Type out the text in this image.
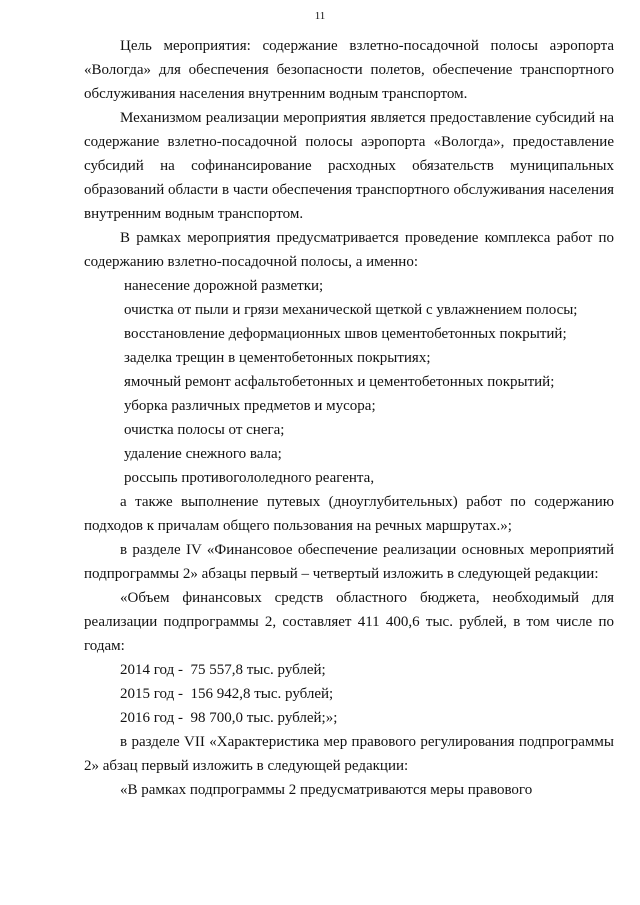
11

Цель мероприятия: содержание взлетно-посадочной полосы аэропорта «Вологда» для обеспечения безопасности полетов, обеспечение транспортного обслуживания населения внутренним водным транспортом.

Механизмом реализации мероприятия является предоставление субсидий на содержание взлетно-посадочной полосы аэропорта «Вологда», предоставление субсидий на софинансирование расходных обязательств муниципальных образований области в части обеспечения транспортного обслуживания населения внутренним водным транспортом.

В рамках мероприятия предусматривается проведение комплекса работ по содержанию взлетно-посадочной полосы, а именно:

нанесение дорожной разметки;

очистка от пыли и грязи механической щеткой с увлажнением полосы;

восстановление деформационных швов цементобетонных покрытий;

заделка трещин в цементобетонных покрытиях;

ямочный ремонт асфальтобетонных и цементобетонных покрытий;

уборка различных предметов и мусора;

очистка полосы от снега;

удаление снежного вала;

россыпь противогололедного реагента,

а также выполнение путевых (дноуглубительных) работ по содержанию подходов к причалам общего пользования на речных маршрутах.»;

в разделе IV «Финансовое обеспечение реализации основных мероприятий подпрограммы 2» абзацы первый – четвертый изложить в следующей редакции:

«Объем финансовых средств областного бюджета, необходимый для реализации подпрограммы 2, составляет 411 400,6 тыс. рублей, в том числе по годам:

2014 год -  75 557,8 тыс. рублей;

2015 год -  156 942,8 тыс. рублей;

2016 год -  98 700,0 тыс. рублей;»;

в разделе VII «Характеристика мер правового регулирования подпрограммы 2» абзац первый изложить в следующей редакции:

«В рамках подпрограммы 2 предусматриваются меры правового
